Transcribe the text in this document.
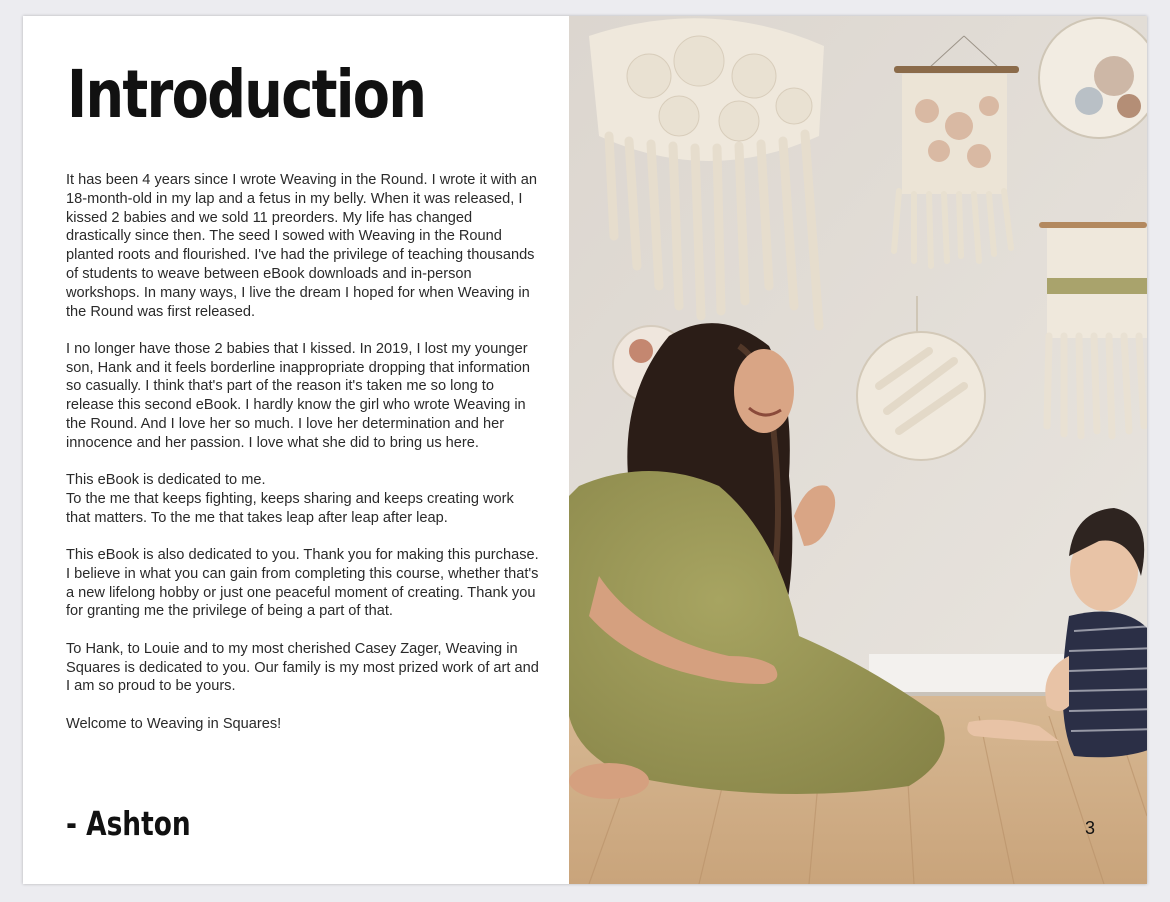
Introduction

It has been 4 years since I wrote Weaving in the Round. I wrote it with an 18-month-old in my lap and a fetus in my belly. When it was released, I kissed 2 babies and we sold 11 preorders. My life has changed drastically since then. The seed I sowed with Weaving in the Round planted roots and flourished. I've had the privilege of teaching thousands of students to weave between eBook downloads and in-person workshops. In many ways, I live the dream I hoped for when Weaving in the Round was first released.

I no longer have those 2 babies that I kissed. In 2019, I lost my younger son, Hank and it feels borderline inappropriate dropping that information so casually. I think that's part of the reason it's taken me so long to release this second eBook. I hardly know the girl who wrote Weaving in the Round. And I love her so much. I love her determination and her innocence and her passion. I love what she did to bring us here.

This eBook is dedicated to me.

To the me that keeps fighting, keeps sharing and keeps creating work that matters. To the me that takes leap after leap after leap.

This eBook is also dedicated to you. Thank you for making this purchase. I believe in what you can gain from completing this course, whether that's a new lifelong hobby or just one peaceful moment of creating. Thank you for granting me the privilege of being a part of that.

To Hank, to Louie and to my most cherished Casey Zager, Weaving in Squares is dedicated to you. Our family is my most prized work of art and I am so proud to be yours.

Welcome to Weaving in Squares!

- Ashton	3
